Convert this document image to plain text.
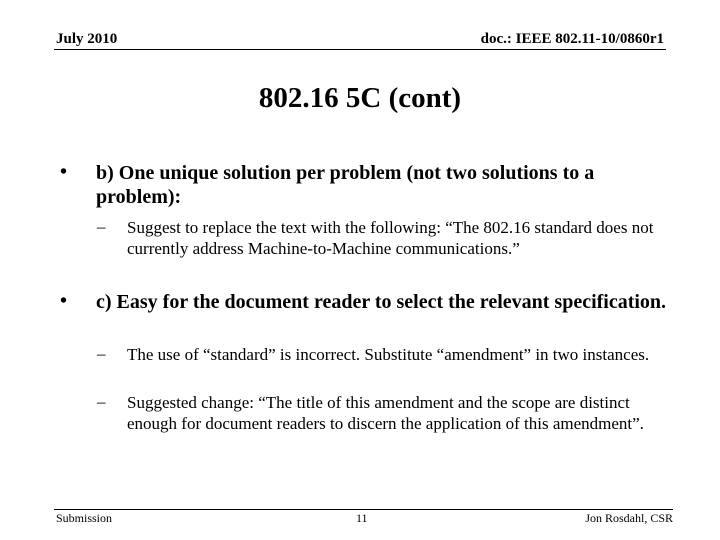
July 2010	doc.: IEEE 802.11-10/0860r1
802.16 5C (cont)
• b) One unique solution per problem (not two solutions to a problem):
– Suggest to replace the text with the following: “The 802.16 standard does not currently address Machine-to-Machine communications.”
• c) Easy for the document reader to select the relevant specification.
– The use of “standard” is incorrect. Substitute “amendment” in two instances.
– Suggested change: “The title of this amendment and the scope are distinct enough for document readers to discern the application of this amendment”.
Submission	11	Jon Rosdahl, CSR
